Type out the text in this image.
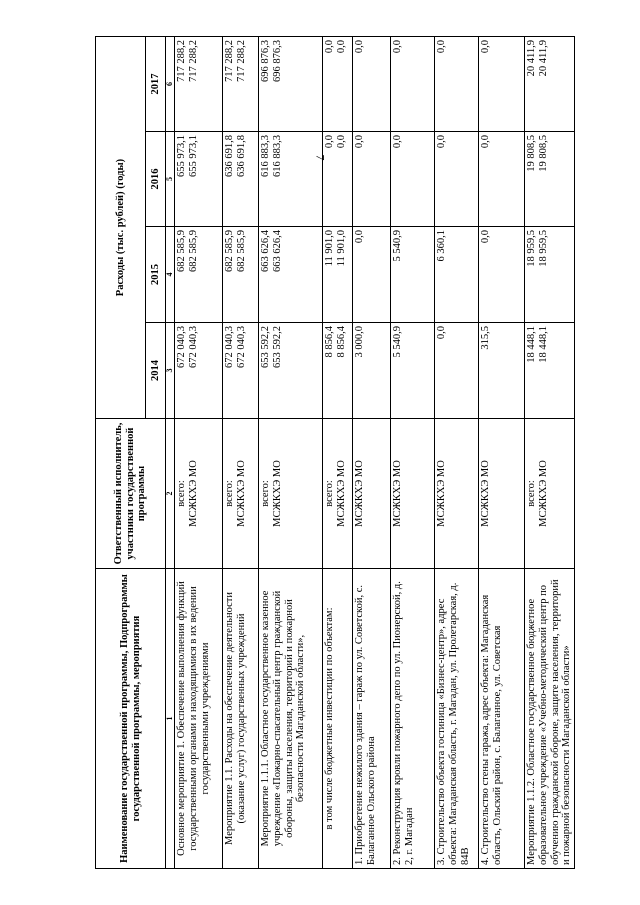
7
Наименование государственной программы, Подпрограммы государственной программы, мероприятия	Ответственный исполнитель, участники государственной программы	Расходы (тыс. рублей) (годы)			
		2014	2015	2016	2017
1	2	3	4	5	6
Основное мероприятие 1. Обеспечение выполнения функций государственными органами и находящимися в их ведении государственными учреждениями	всего: МСЖКХЭ МО	672 040,3 672 040,3	682 585,9 682 585,9	655 973,1 655 973,1	717 288,2 717 288,2

Мероприятие 1.1. Расходы на обеспечение деятельности (оказание услуг) государственных учреждений	всего: МСЖКХЭ МО	672 040,3 672 040,3	682 585,9 682 585,9	636 691,8 636 691,8	717 288,2 717 288,2

Мероприятие 1.1.1. Областное государственное казенное учреждение «Пожарно-спасательный центр гражданской обороны, защиты населения, территорий и пожарной безопасности Магаданской области»,	всего: МСЖКХЭ МО	653 592,2 653 592,2	663 626,4 663 626,4	616 883,3 616 883,3	696 876,3 696 876,3

в том числе бюджетные инвестиции по объектам:	всего: МСЖКХЭ МО	8 856,4 8 856,4	11 901,0 11 901,0	0,0 0,0	0,0 0,0

1. Приобретение нежилого здания – гараж по ул. Советской, с. Балаганное Ольского района	МСЖКХЭ МО	3 000,0	0,0	0,0	0,0

2. Реконструкция кровли пожарного депо по ул. Пионерской, д. 2, г. Магадан	МСЖКХЭ МО	5 540,9	5 540,9	0,0	0,0

3. Строительство объекта гостиница «Бизнес-центр», адрес объекта: Магаданская область, г. Магадан, ул. Пролетарская, д. 84В	МСЖКХЭ МО	0,0	6 360,1	0,0	0,0

4. Строительство стены гаража, адрес объекта: Магаданская область, Ольский район, с. Балаганное, ул. Советская	МСЖКХЭ МО	315,5	0,0	0,0	0,0

Мероприятие 1.1.2. Областное государственное бюджетное образовательное учреждение «Учебно-методический центр по обучению гражданской обороне, защите населения, территорий и пожарной безопасности Магаданской области»	всего: МСЖКХЭ МО	18 448,1 18 448,1	18 959,5 18 959,5	19 808,5 19 808,5	20 411,9 20 411,9
